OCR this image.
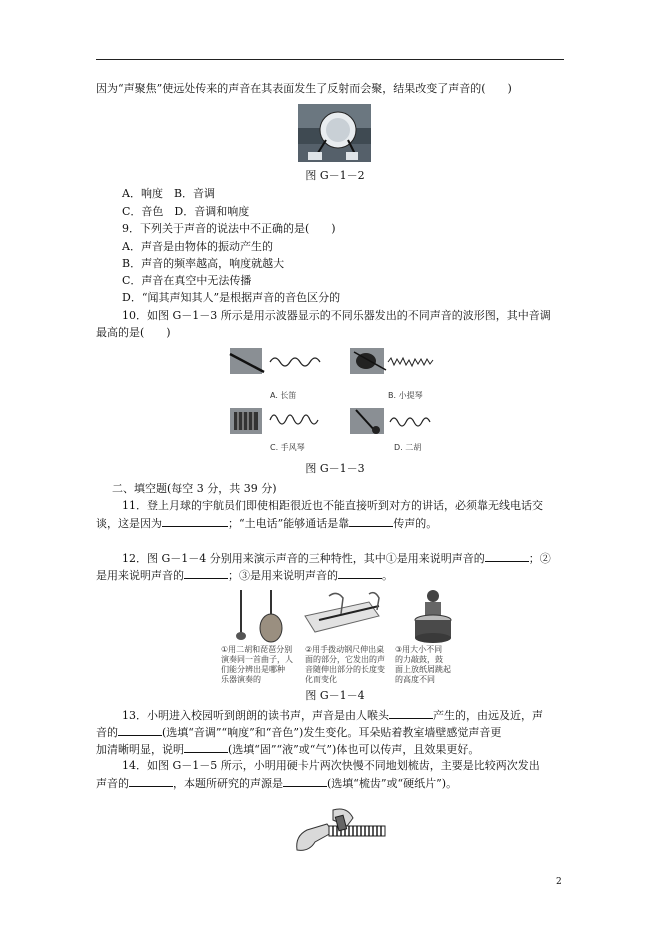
因为“声聚焦”使远处传来的声音在其表面发生了反射而会聚，结果改变了声音的(　　)
图 G－1－2
A．响度　B．音调
C．音色　D．音调和响度
9．下列关于声音的说法中不正确的是(　　)
A．声音是由物体的振动产生的
B．声音的频率越高，响度就越大
C．声音在真空中无法传播
D．“闻其声知其人”是根据声音的音色区分的
10．如图 G－1－3 所示是用示波器显示的不同乐器发出的不同声音的波形图，其中音调
最高的是(　　)
A. 长笛	B. 小提琴
C. 手风琴	D. 二胡
图 G－1－3
二、填空题(每空 3 分，共 39 分)
11．登上月球的宇航员们即使相距很近也不能直接听到对方的讲话，必须靠无线电话交
谈，这是因为	；“土电话”能够通话是靠	传声的。
12．图 G－1－4 分别用来演示声音的三种特性，其中①是用来说明声音的	；②
是用来说明声音的	；③是用来说明声音的	。
①用二胡和琵琶分别
演奏同一首曲子，人
们能分辨出是哪种
乐器演奏的
②用手拨动钢尺伸出桌
面的部分，它发出的声
音随伸出部分的长度变
化而变化
③用大小不同
的力敲鼓，鼓
面上放纸屑跳起
的高度不同
图 G－1－4
13．小明进入校园听到朗朗的读书声，声音是由人喉头	产生的，由远及近，声
音的	(选填“音调”“响度”和“音色”)发生变化。耳朵贴着教室墙壁感觉声音更
加清晰明显，说明	(选填“固”“液”或“气”)体也可以传声，且效果更好。
14．如图 G－1－5 所示，小明用硬卡片两次快慢不同地划梳齿，主要是比较两次发出
声音的	，本题所研究的声源是	(选填“梳齿”或“硬纸片”)。
2
